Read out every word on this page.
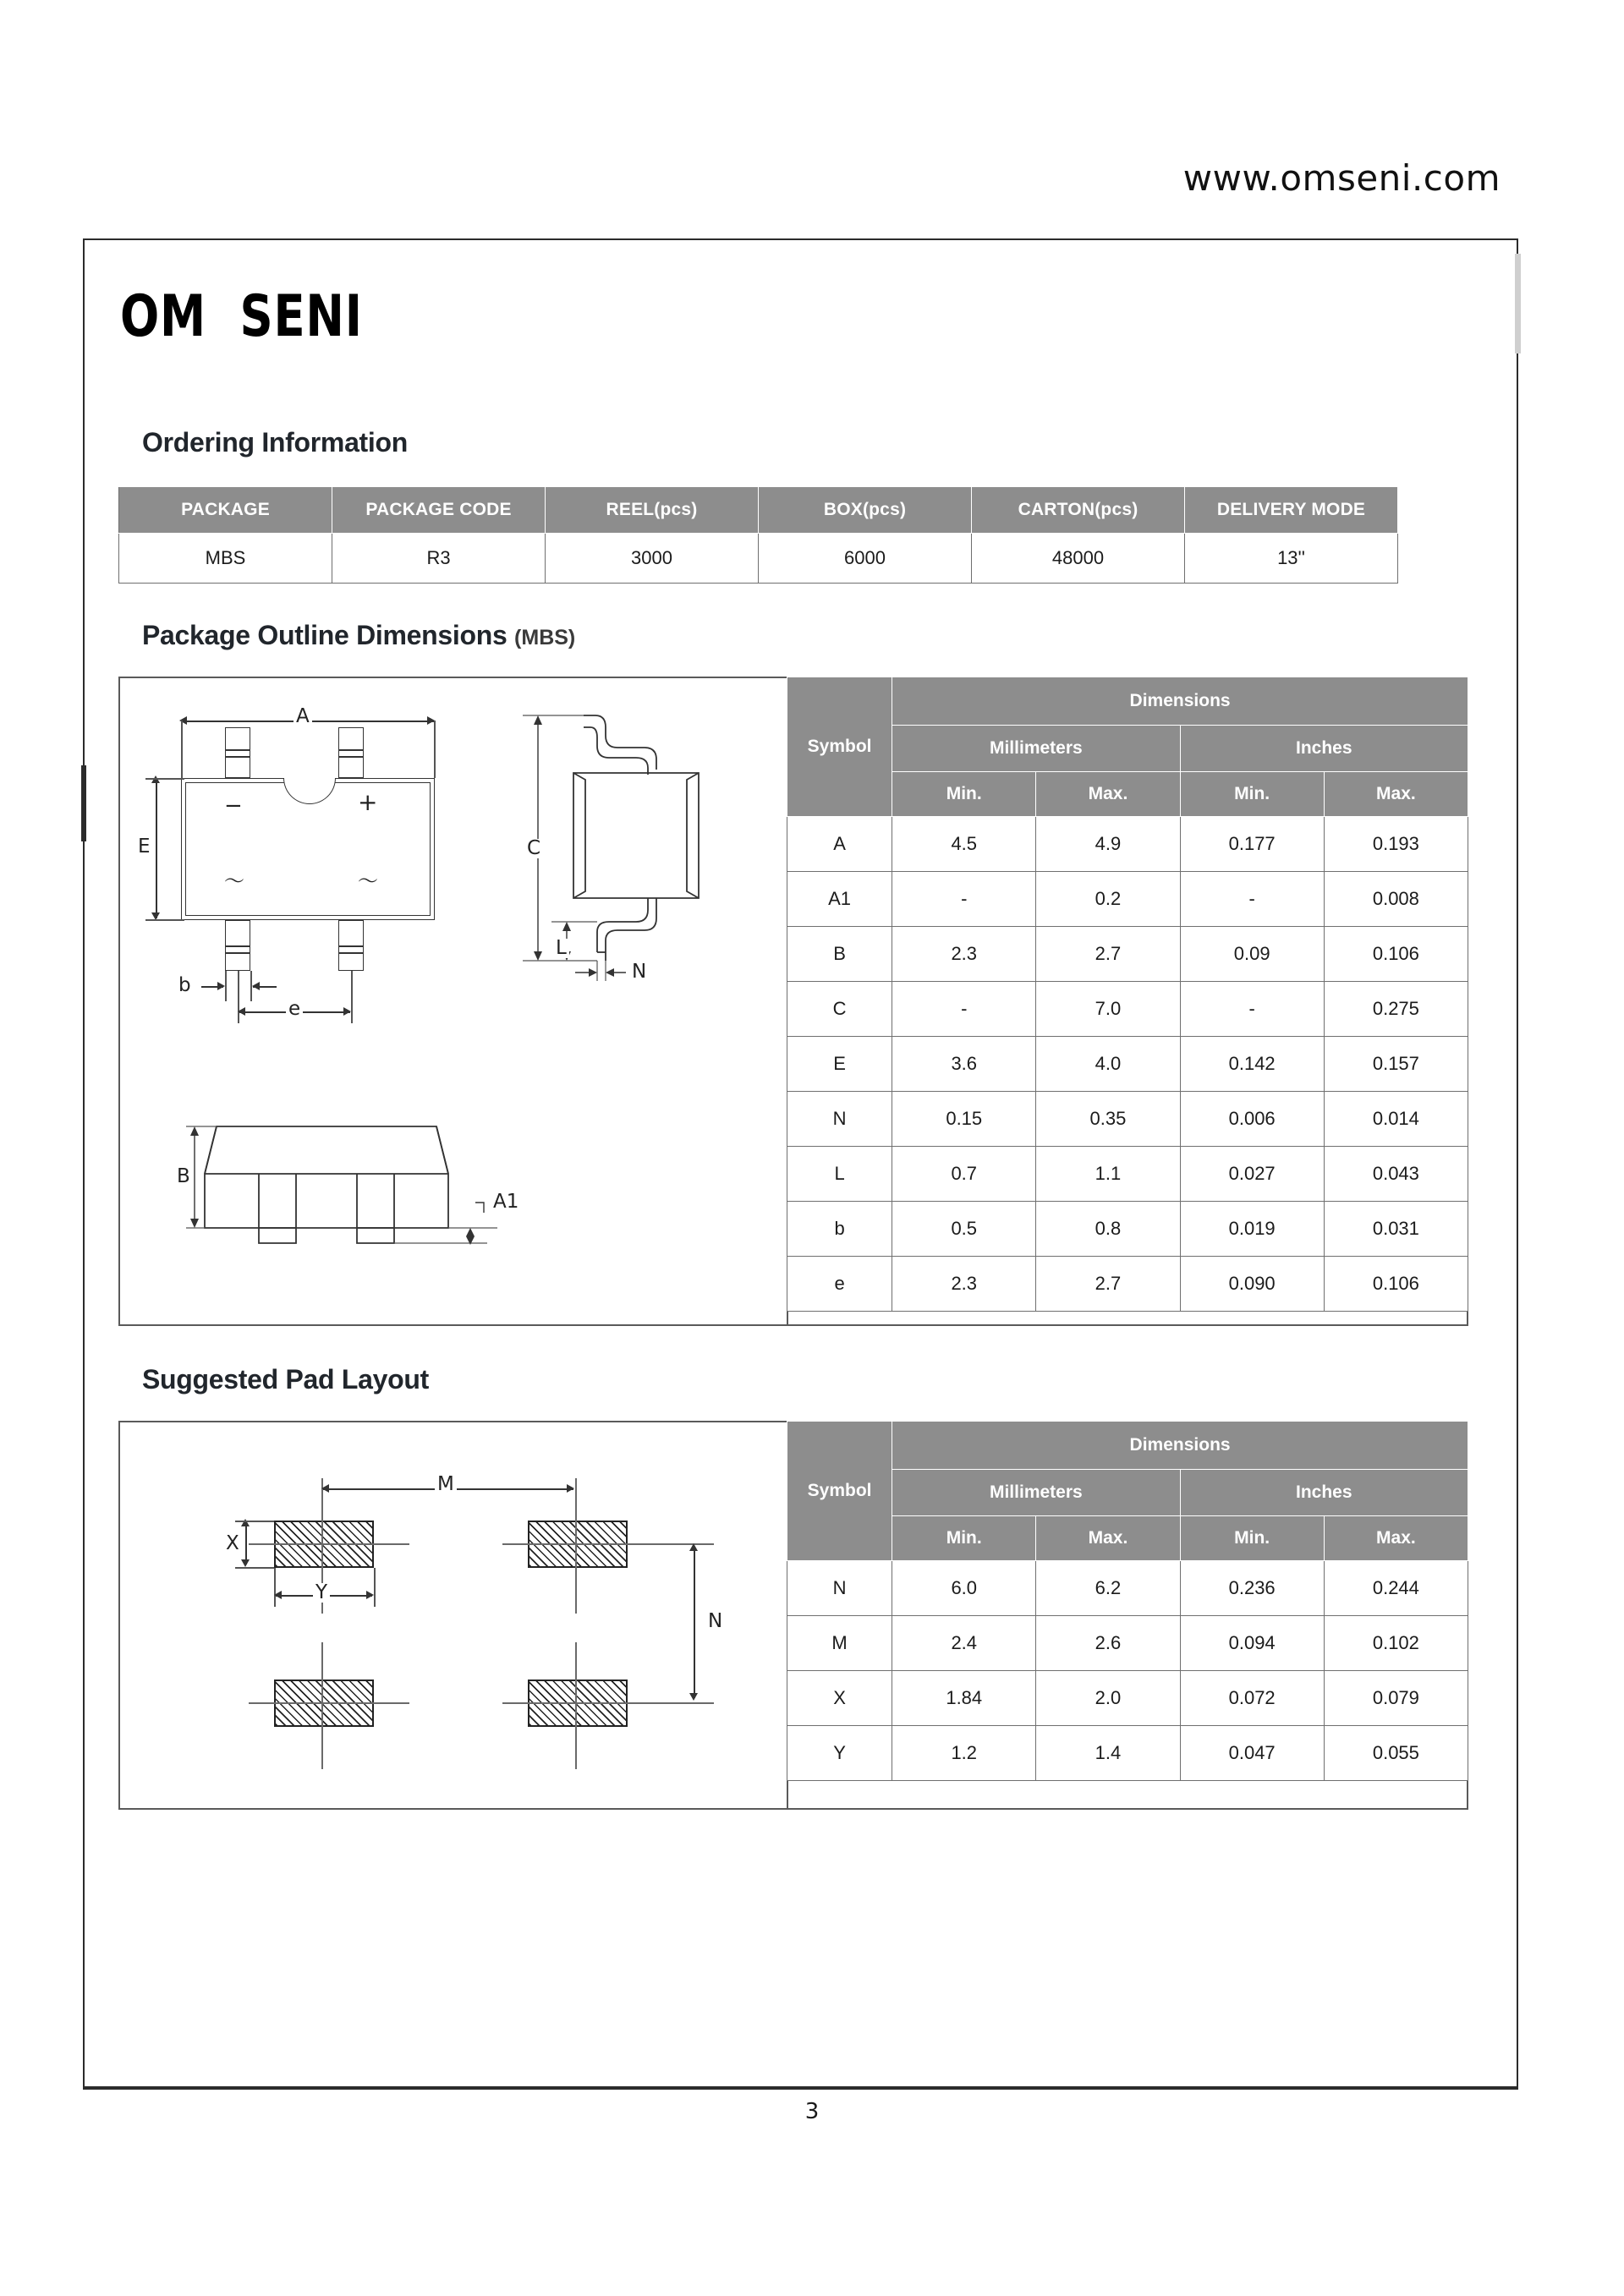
www.omseni.com
OM  SENI
Ordering Information
PACKAGE	PACKAGE CODE	REEL(pcs)	BOX(pcs)	CARTON(pcs)	DELIVERY MODE
MBS	R3	3000	6000	48000	13''
Package Outline Dimensions (MBS)
A
−	+
～	～
E
b
e
C
L
N
B
A1
Symbol	Dimensions			
	Millimeters		Inches	
	Min.	Max.	Min.	Max.
A	4.5	4.9	0.177	0.193
A1	-	0.2	-	0.008
B	2.3	2.7	0.09	0.106
C	-	7.0	-	0.275
E	3.6	4.0	0.142	0.157
N	0.15	0.35	0.006	0.014
L	0.7	1.1	0.027	0.043
b	0.5	0.8	0.019	0.031
e	2.3	2.7	0.090	0.106
Suggested Pad Layout
M
N
X
Y
Symbol	Dimensions			
	Millimeters		Inches	
	Min.	Max.	Min.	Max.
N	6.0	6.2	0.236	0.244
M	2.4	2.6	0.094	0.102
X	1.84	2.0	0.072	0.079
Y	1.2	1.4	0.047	0.055
3
